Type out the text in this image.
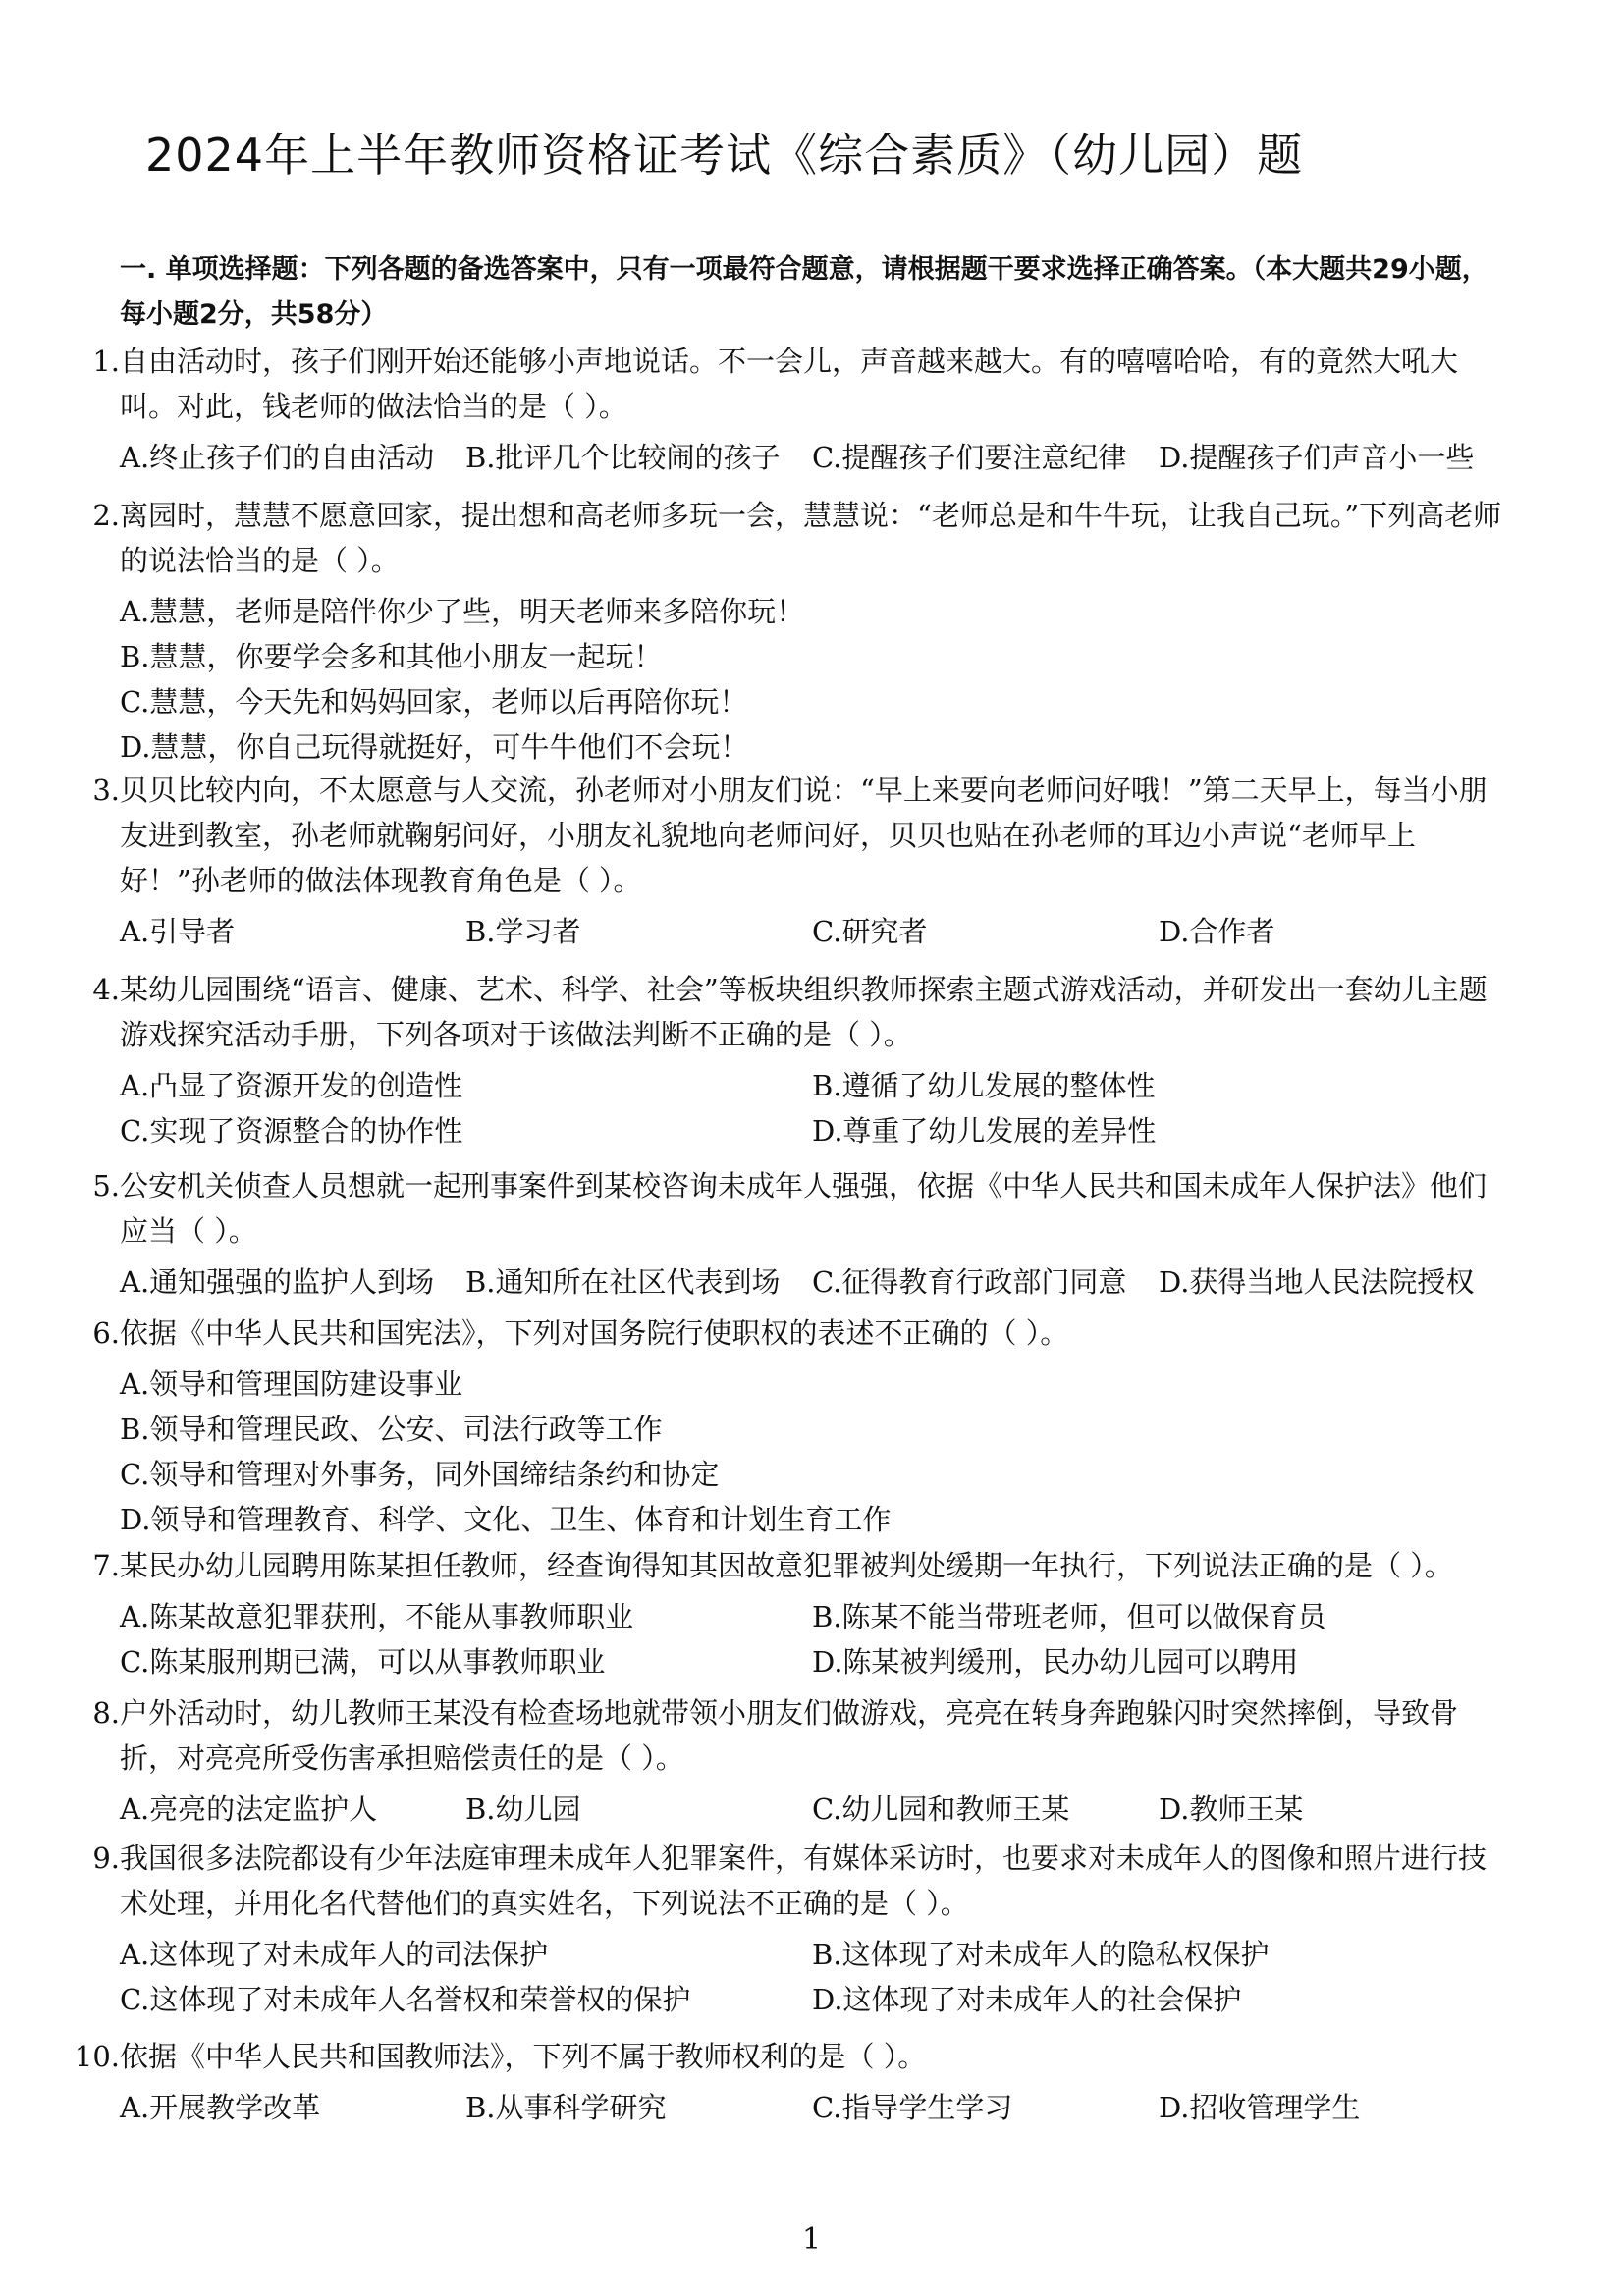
2024年上半年教师资格证考试《综合素质》（幼儿园）题
一. 单项选择题：下列各题的备选答案中，只有一项最符合题意，请根据题干要求选择正确答案。（本大题共29小题，每小题2分，共58分）
1. 自由活动时，孩子们刚开始还能够小声地说话。不一会儿，声音越来越大。有的嘻嘻哈哈，有的竟然大吼大叫。对此，钱老师的做法恰当的是（ ）。
A.终止孩子们的自由活动 B.批评几个比较闹的孩子 C.提醒孩子们要注意纪律 D.提醒孩子们声音小一些
2. 离园时，慧慧不愿意回家，提出想和高老师多玩一会，慧慧说：“老师总是和牛牛玩，让我自己玩。”下列高老师的说法恰当的是（ ）。
A.慧慧，老师是陪伴你少了些，明天老师来多陪你玩！
B.慧慧，你要学会多和其他小朋友一起玩！
C.慧慧，今天先和妈妈回家，老师以后再陪你玩！
D.慧慧，你自己玩得就挺好，可牛牛他们不会玩！
3. 贝贝比较内向，不太愿意与人交流，孙老师对小朋友们说：“早上来要向老师问好哦！”第二天早上，每当小朋友进到教室，孙老师就鞠躬问好，小朋友礼貌地向老师问好，贝贝也贴在孙老师的耳边小声说“老师早上好！”孙老师的做法体现教育角色是（ ）。
A.引导者	B.学习者	C.研究者	D.合作者
4. 某幼儿园围绕“语言、健康、艺术、科学、社会”等板块组织教师探索主题式游戏活动，并研发出一套幼儿主题游戏探究活动手册，下列各项对于该做法判断不正确的是（ ）。
A.凸显了资源开发的创造性	B.遵循了幼儿发展的整体性
C.实现了资源整合的协作性	D.尊重了幼儿发展的差异性
5. 公安机关侦查人员想就一起刑事案件到某校咨询未成年人强强，依据《中华人民共和国未成年人保护法》他们应当（ ）。
A.通知强强的监护人到场 B.通知所在社区代表到场 C.征得教育行政部门同意 D.获得当地人民法院授权
6. 依据《中华人民共和国宪法》，下列对国务院行使职权的表述不正确的（ ）。
A.领导和管理国防建设事业
B.领导和管理民政、公安、司法行政等工作
C.领导和管理对外事务，同外国缔结条约和协定
D.领导和管理教育、科学、文化、卫生、体育和计划生育工作
7. 某民办幼儿园聘用陈某担任教师，经查询得知其因故意犯罪被判处缓期一年执行，下列说法正确的是（ ）。
A.陈某故意犯罪获刑，不能从事教师职业	B.陈某不能当带班老师，但可以做保育员
C.陈某服刑期已满，可以从事教师职业	D.陈某被判缓刑，民办幼儿园可以聘用
8. 户外活动时，幼儿教师王某没有检查场地就带领小朋友们做游戏，亮亮在转身奔跑躲闪时突然摔倒，导致骨折，对亮亮所受伤害承担赔偿责任的是（ ）。
A.亮亮的法定监护人	B.幼儿园	C.幼儿园和教师王某	D.教师王某
9. 我国很多法院都设有少年法庭审理未成年人犯罪案件，有媒体采访时，也要求对未成年人的图像和照片进行技术处理，并用化名代替他们的真实姓名，下列说法不正确的是（ ）。
A.这体现了对未成年人的司法保护	B.这体现了对未成年人的隐私权保护
C.这体现了对未成年人名誉权和荣誉权的保护	D.这体现了对未成年人的社会保护
10. 依据《中华人民共和国教师法》，下列不属于教师权利的是（ ）。
A.开展教学改革	B.从事科学研究	C.指导学生学习	D.招收管理学生
1
